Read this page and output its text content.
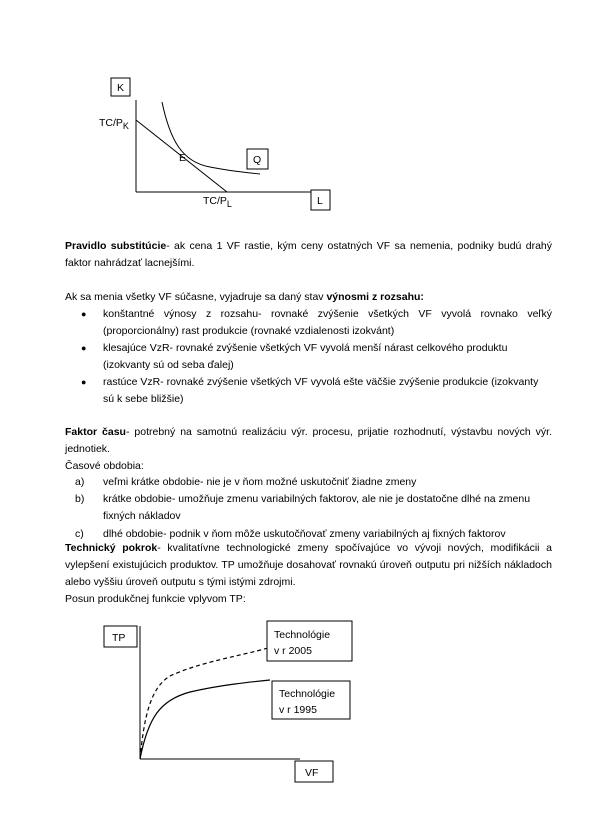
K
TC/PK
E	Q
TC/PL	L

Pravidlo substitúcie- ak cena 1 VF rastie, kým ceny ostatných VF sa nemenia, podniky budú drahý faktor nahrádzať lacnejšími.

Ak sa menia všetky VF súčasne, vyjadruje sa daný stav výnosmi z rozsahu:

● konštantné výnosy z rozsahu- rovnaké zvýšenie všetkých VF vyvolá rovnako veľký (proporcionálny) rast produkcie (rovnaké vzdialenosti izokvánt)
● klesajúce VzR- rovnaké zvýšenie všetkých VF vyvolá menší nárast celkového produktu (izokvanty sú od seba ďalej)
● rastúce VzR- rovnaké zvýšenie všetkých VF vyvolá ešte väčšie zvýšenie produkcie (izokvanty sú k sebe bližšie)

Faktor času- potrebný na samotnú realizáciu výr. procesu, prijatie rozhodnutí, výstavbu nových výr. jednotiek.

Časové obdobia:

a) veľmi krátke obdobie- nie je v ňom možné uskutočniť žiadne zmeny
b) krátke obdobie- umožňuje zmenu variabilných faktorov, ale nie je dostatočne dlhé na zmenu fixných nákladov
c) dlhé obdobie- podnik v ňom môže uskutočňovať zmeny variabilných aj fixných faktorov

Technický pokrok- kvalitatívne technologické zmeny spočívajúce vo vývoji nových, modifikácii a vylepšení existujúcich produktov. TP umožňuje dosahovať rovnakú úroveň outputu pri nižších nákladoch alebo vyššiu úroveň outputu s tými istými zdrojmi.

Posun produkčnej funkcie vplyvom TP:

TP	Technológie
v r 2005
Technológie
v r 1995
VF
